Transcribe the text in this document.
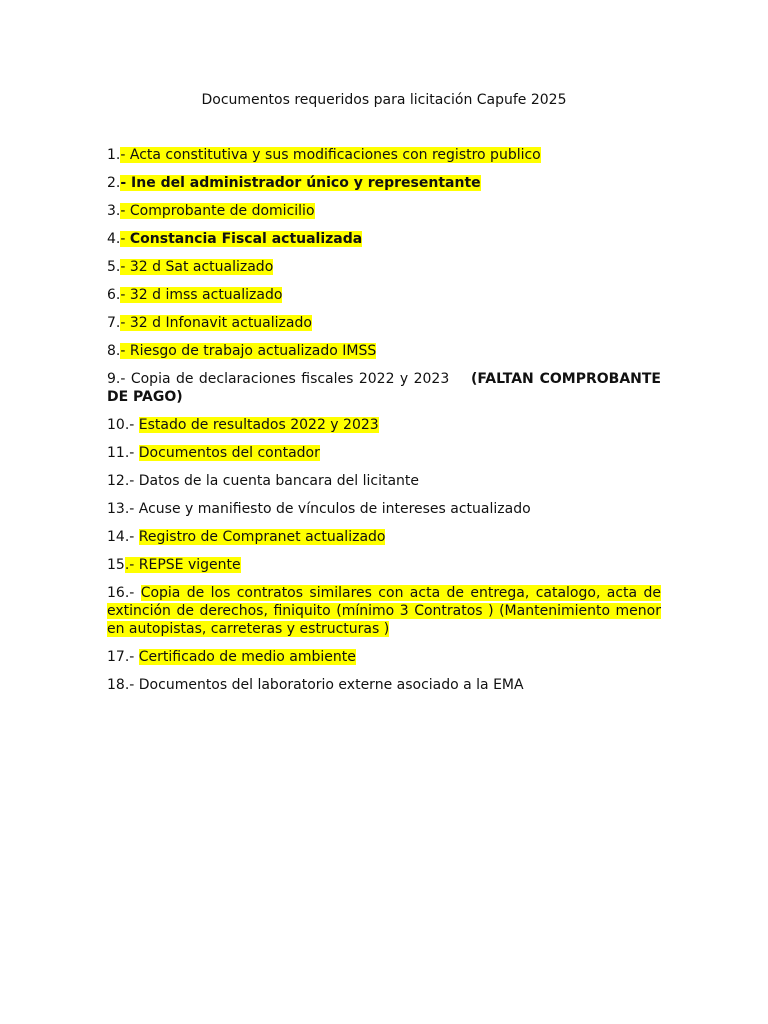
Documentos requeridos para licitación Capufe 2025

1.- Acta constitutiva y sus modificaciones con registro publico

2.- Ine del administrador único y representante

3.- Comprobante de domicilio

4.- Constancia Fiscal actualizada

5.- 32 d Sat actualizado

6.- 32 d imss actualizado

7.- 32 d Infonavit actualizado

8.- Riesgo de trabajo actualizado IMSS

9.- Copia de declaraciones fiscales 2022 y 2023 (FALTAN COMPROBANTE DE PAGO)

10.- Estado de resultados 2022 y 2023

11.- Documentos del contador

12.- Datos de la cuenta bancara del licitante

13.- Acuse y manifiesto de vínculos de intereses actualizado

14.- Registro de Compranet actualizado

15.- REPSE vigente

16.- Copia de los contratos similares con acta de entrega, catalogo, acta de extinción de derechos, finiquito (mínimo 3 Contratos ) (Mantenimiento menor en autopistas, carreteras y estructuras )

17.- Certificado de medio ambiente

18.- Documentos del laboratorio externe asociado a la EMA
